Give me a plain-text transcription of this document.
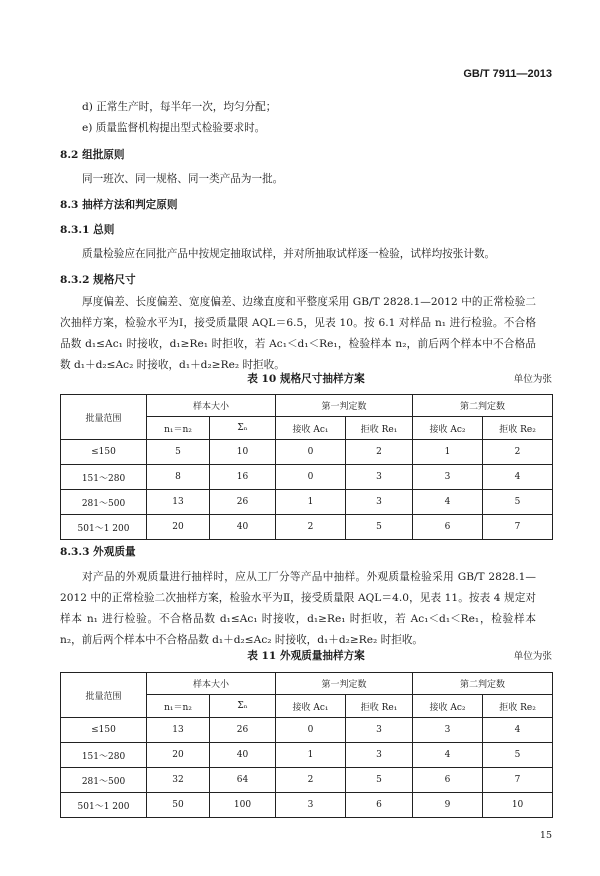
GB/T 7911—2013
d) 正常生产时，每半年一次，均匀分配；
e) 质量监督机构提出型式检验要求时。
8.2 组批原则
同一班次、同一规格、同一类产品为一批。
8.3 抽样方法和判定原则
8.3.1 总则
质量检验应在同批产品中按规定抽取试样，并对所抽取试样逐一检验，试样均按张计数。
8.3.2 规格尺寸
厚度偏差、长度偏差、宽度偏差、边缘直度和平整度采用 GB/T 2828.1—2012 中的正常检验二次抽样方案，检验水平为Ⅰ，接受质量限 AQL＝6.5，见表 10。按 6.1 对样品 n₁ 进行检验。不合格品数 d₁≤Ac₁ 时接收，d₁≥Re₁ 时拒收，若 Ac₁＜d₁＜Re₁，检验样本 n₂，前后两个样本中不合格品数 d₁＋d₂≤Ac₂ 时接收，d₁＋d₂≥Re₂ 时拒收。
表 10 规格尺寸抽样方案	单位为张
批量范围	样本大小		第一判定数		第二判定数	
	n₁＝n₂	Σₙ	接收 Ac₁	拒收 Re₁	接收 Ac₂	拒收 Re₂
≤150	5	10	0	2	1	2
151～280	8	16	0	3	3	4
281～500	13	26	1	3	4	5
501～1 200	20	40	2	5	6	7
8.3.3 外观质量
对产品的外观质量进行抽样时，应从工厂分等产品中抽样。外观质量检验采用 GB/T 2828.1—2012 中的正常检验二次抽样方案，检验水平为Ⅱ，接受质量限 AQL＝4.0，见表 11。按表 4 规定对样本 n₁ 进行检验。不合格品数 d₁≤Ac₁ 时接收，d₁≥Re₁ 时拒收，若 Ac₁＜d₁＜Re₁，检验样本 n₂，前后两个样本中不合格品数 d₁＋d₂≤Ac₂ 时接收，d₁＋d₂≥Re₂ 时拒收。
表 11 外观质量抽样方案	单位为张
批量范围	样本大小		第一判定数		第二判定数	
	n₁＝n₂	Σₙ	接收 Ac₁	拒收 Re₁	接收 Ac₂	拒收 Re₂
≤150	13	26	0	3	3	4
151～280	20	40	1	3	4	5
281～500	32	64	2	5	6	7
501～1 200	50	100	3	6	9	10
15
